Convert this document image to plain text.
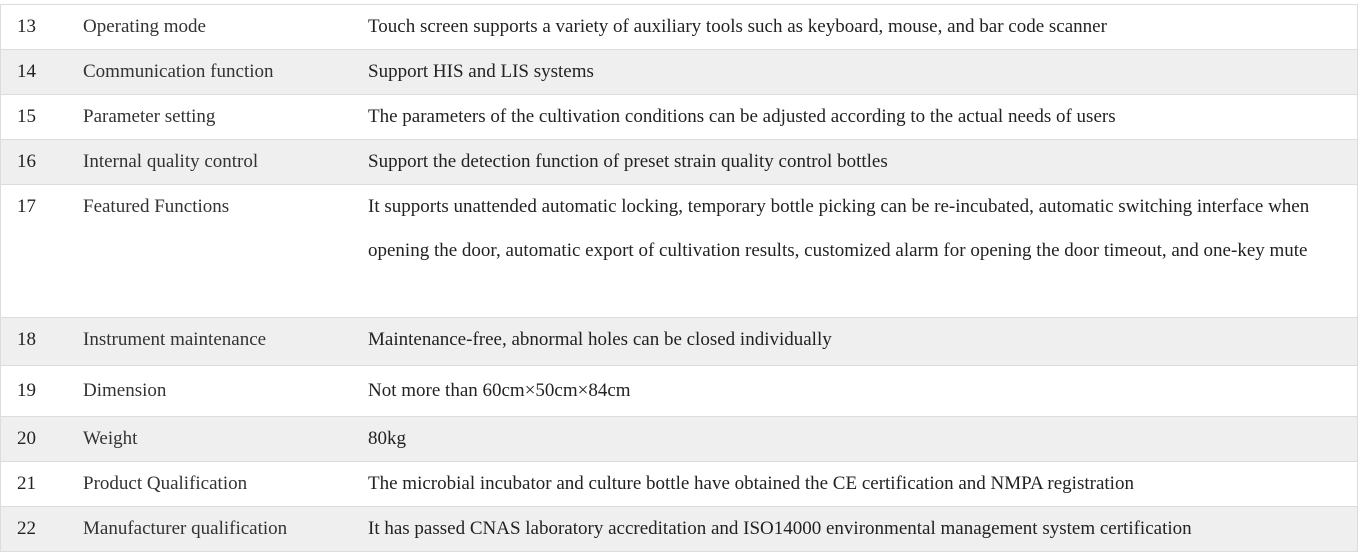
13	Operating mode	Touch screen supports a variety of auxiliary tools such as keyboard, mouse, and bar code scanner
14	Communication function	Support HIS and LIS systems
15	Parameter setting	The parameters of the cultivation conditions can be adjusted according to the actual needs of users
16	Internal quality control	Support the detection function of preset strain quality control bottles
17	Featured Functions	It supports unattended automatic locking, temporary bottle picking can be re-incubated, automatic switching interface when opening the door, automatic export of cultivation results, customized alarm for opening the door timeout, and one-key mute
18	Instrument maintenance	Maintenance-free, abnormal holes can be closed individually
19	Dimension	Not more than 60cm×50cm×84cm
20	Weight	80kg
21	Product Qualification	The microbial incubator and culture bottle have obtained the CE certification and NMPA registration
22	Manufacturer qualification	It has passed CNAS laboratory accreditation and ISO14000 environmental management system certification
